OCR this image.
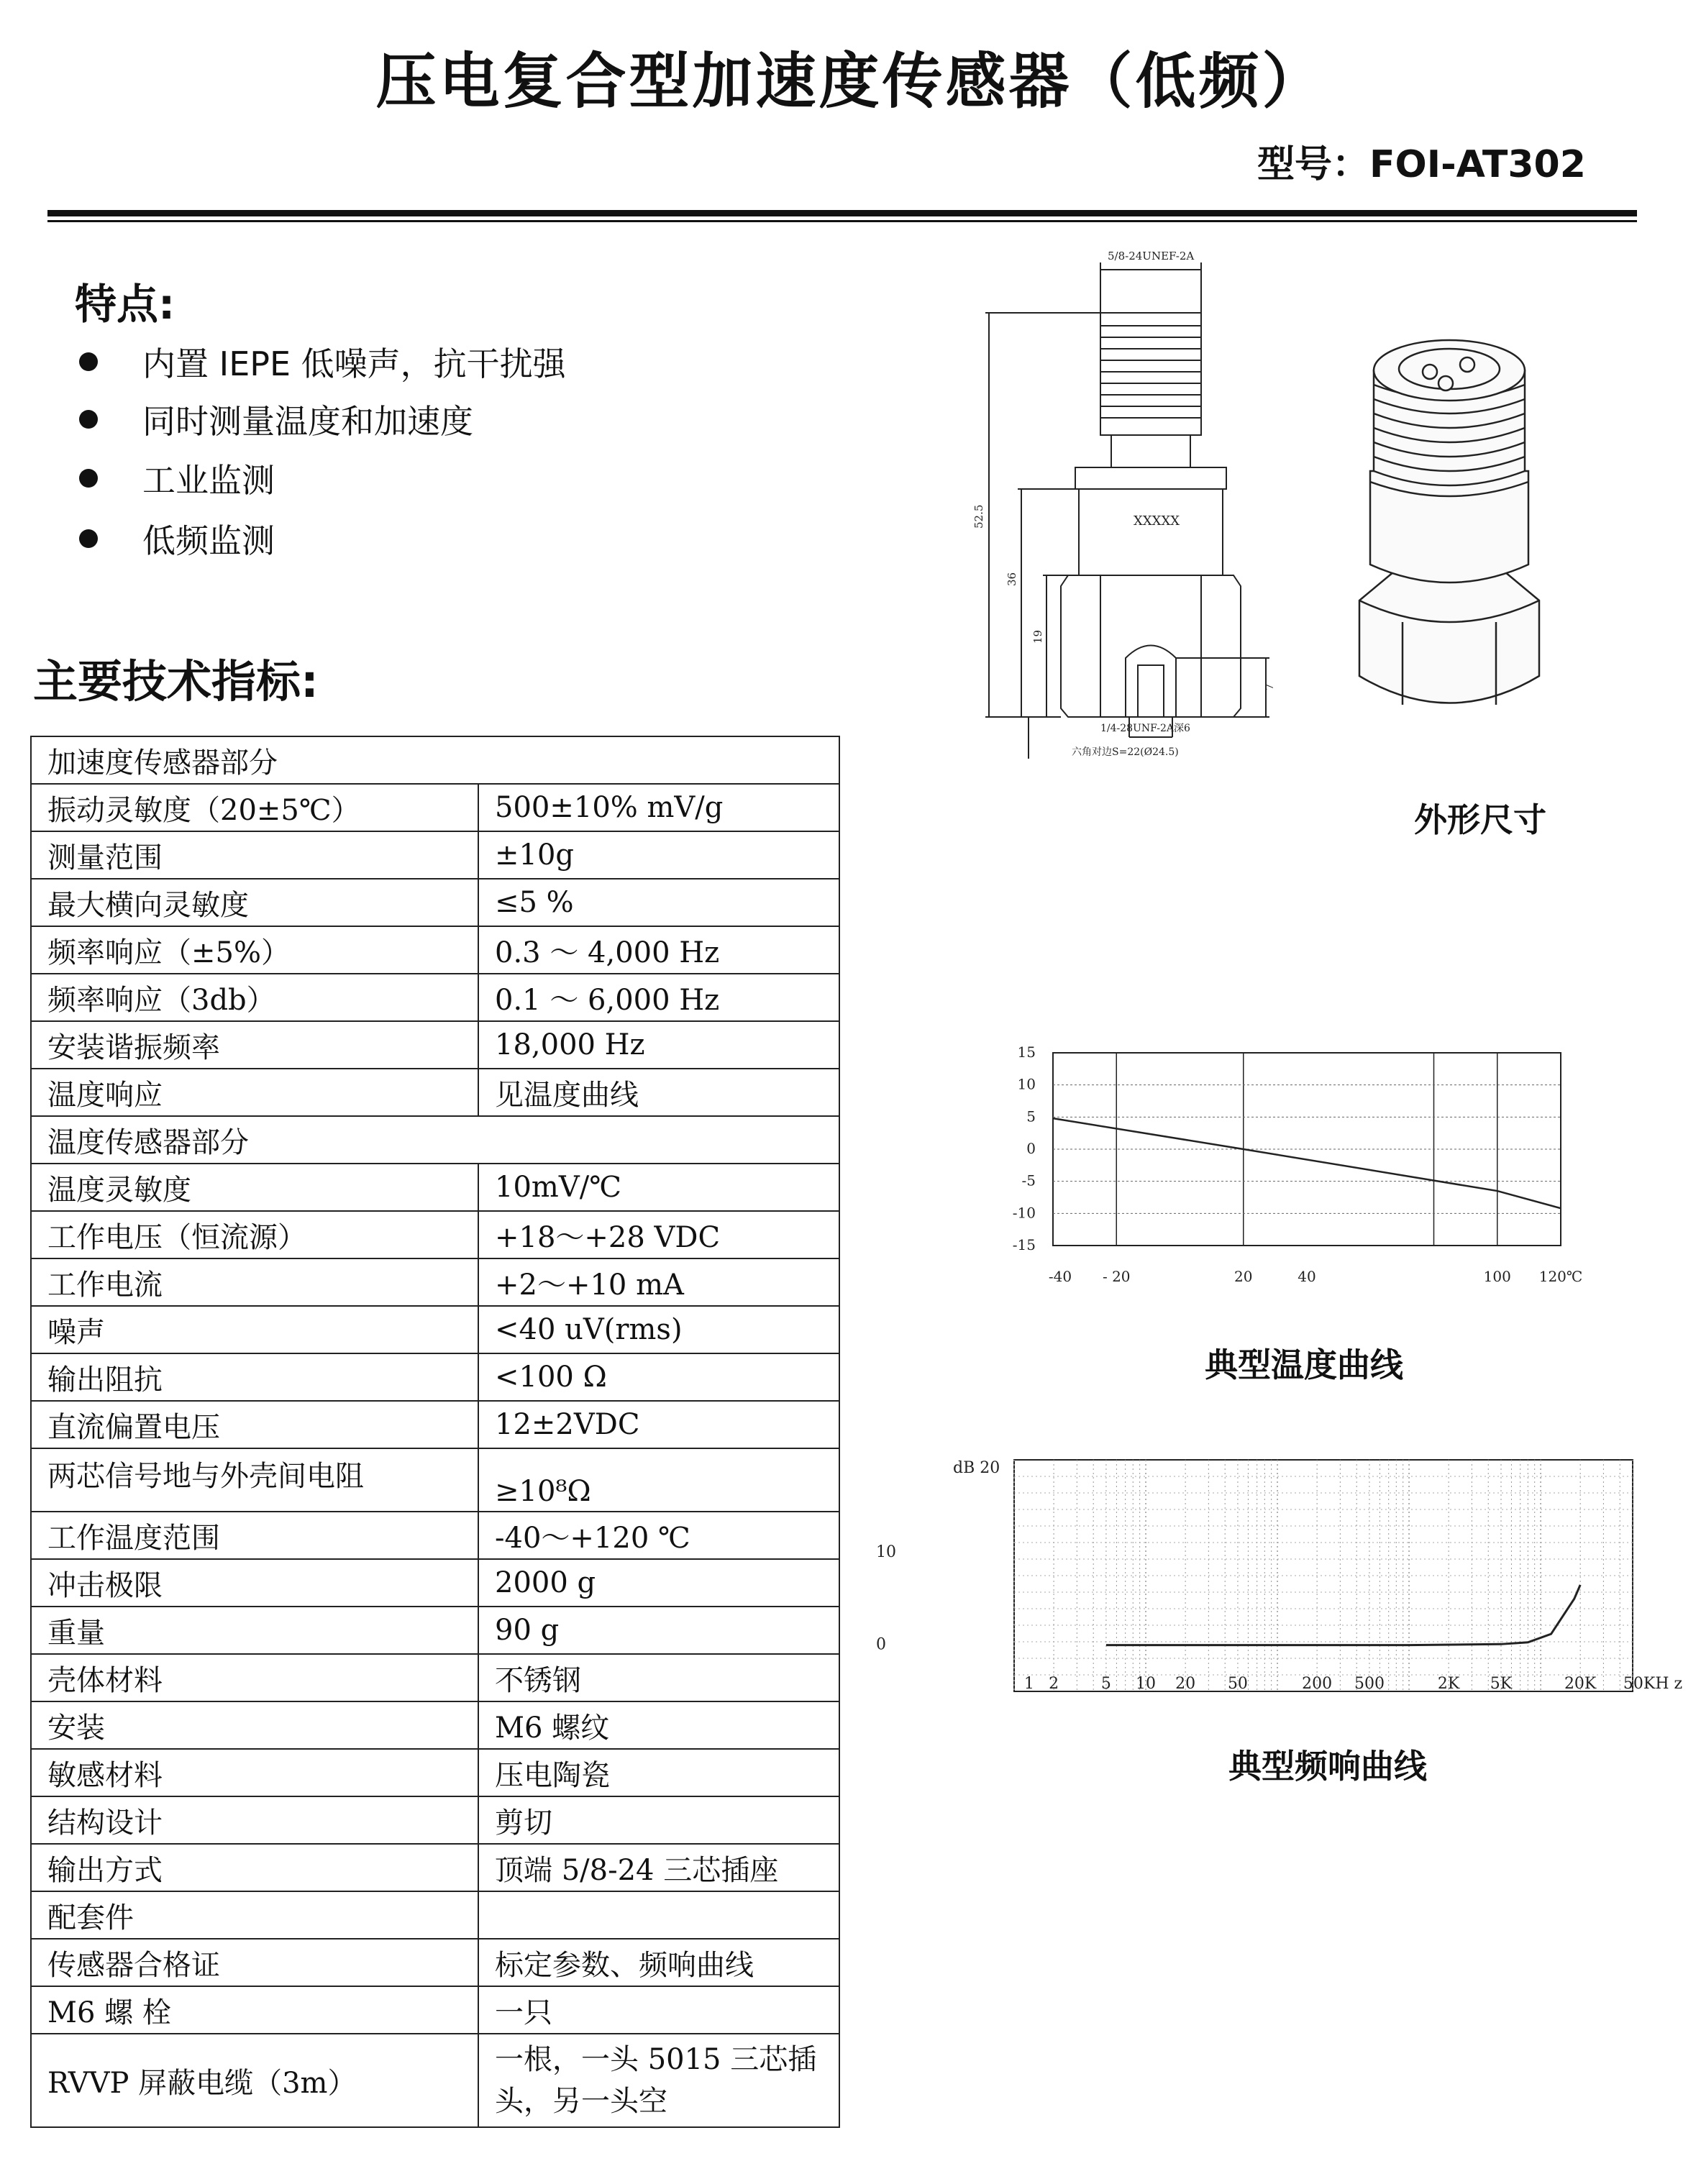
压电复合型加速度传感器（低频）
型号：FOI-AT302
特点:
内置 IEPE 低噪声，抗干扰强
同时测量温度和加速度
工业监测
低频监测
主要技术指标:
加速度传感器部分	
振动灵敏度（20±5℃）	500±10% mV/g
测量范围	±10g
最大横向灵敏度	≤5 %
频率响应（±5%）	0.3 ～ 4,000 Hz
频率响应（3db）	0.1 ～ 6,000 Hz
安装谐振频率	18,000 Hz
温度响应	见温度曲线
温度传感器部分	
温度灵敏度	10mV/℃
工作电压（恒流源）	+18～+28 VDC
工作电流	+2～+10 mA
噪声	<40 uV(rms)
输出阻抗	<100 Ω
直流偏置电压	12±2VDC
两芯信号地与外壳间电阻	≥10⁸Ω
工作温度范围	-40～+120 ℃
冲击极限	2000 g
重量	90 g
壳体材料	不锈钢
安装	M6 螺纹
敏感材料	压电陶瓷
结构设计	剪切
输出方式	顶端 5/8-24 三芯插座
配套件	
传感器合格证	标定参数、频响曲线
M6 螺 栓	一只
RVVP 屏蔽电缆（3m）	一根，一头 5015 三芯插头，另一头空
5/8-24UNEF-2A
XXXXX
52.5
36
19
7
1/4-28UNF-2A深6
六角对边S=22(Ø24.5)
外形尺寸
15
10
5
0
-5
-10
-15
-40 - 20	20	40	100 120℃
典型温度曲线
10
0
1 2	5 10 20 50	200 500	2K 5K	20K 50KH z
dB 20
典型频响曲线
